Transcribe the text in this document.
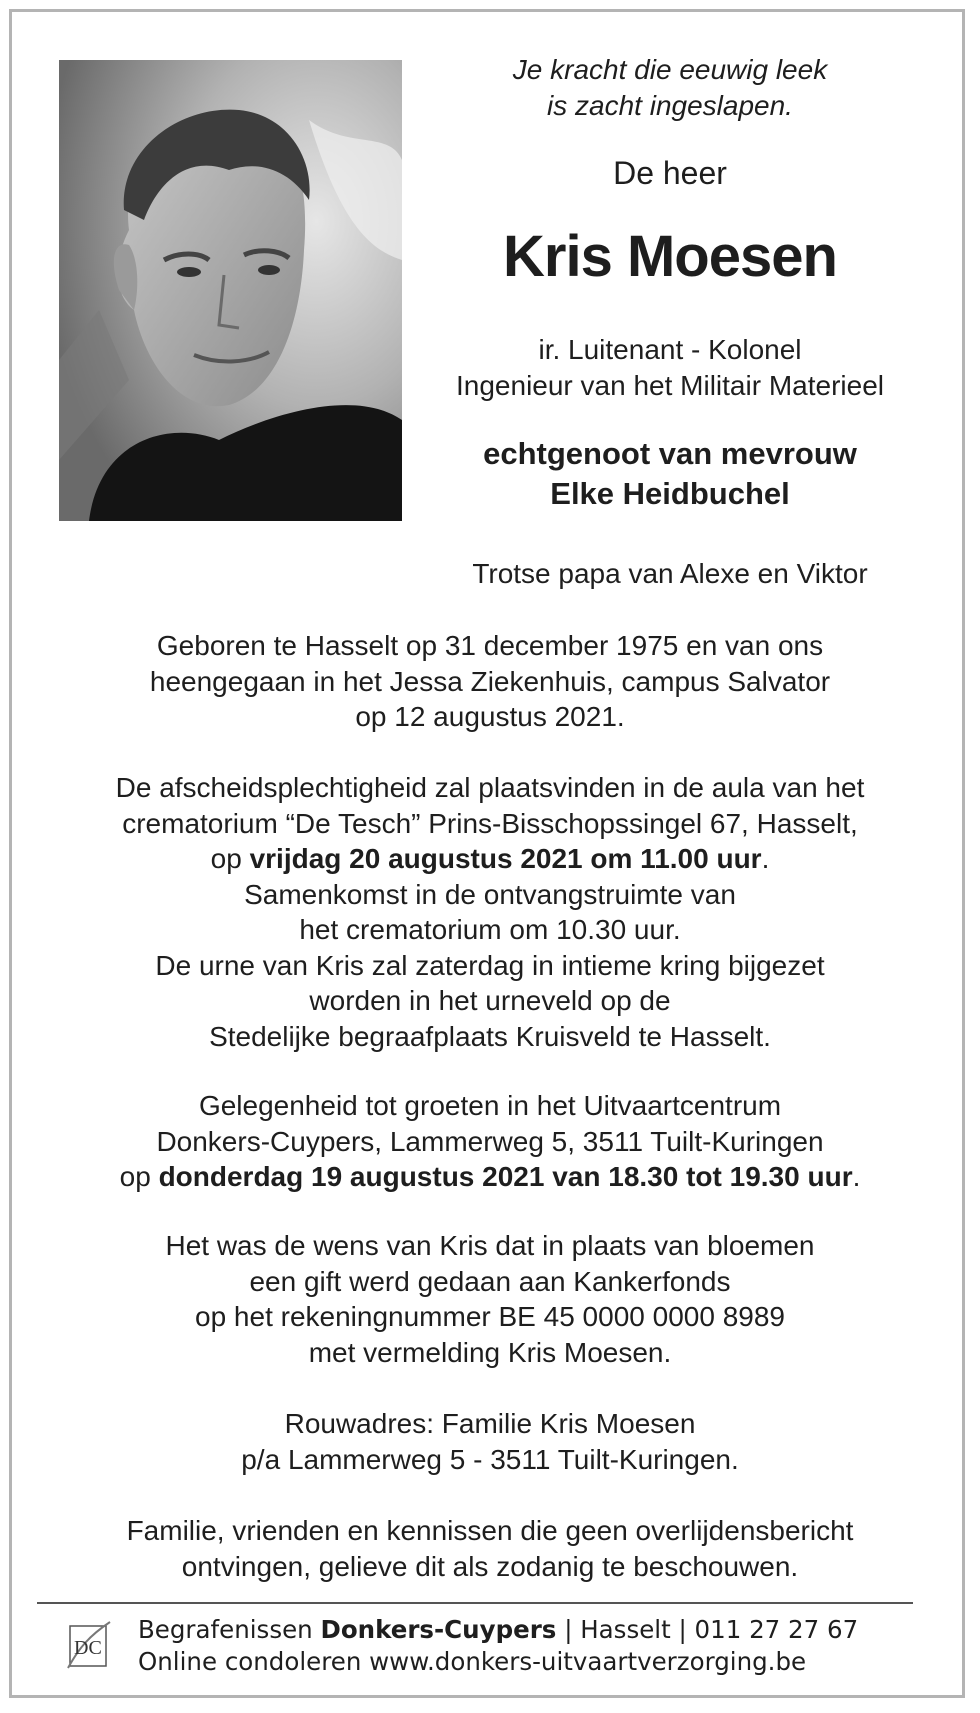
Je kracht die eeuwig leek
is zacht ingeslapen.
De heer
Kris Moesen
ir. Luitenant - Kolonel
Ingenieur van het Militair Materieel
echtgenoot van mevrouw
Elke Heidbuchel
Trotse papa van Alexe en Viktor
Geboren te Hasselt op 31 december 1975 en van ons
heengegaan in het Jessa Ziekenhuis, campus Salvator
op 12 augustus 2021.
De afscheidsplechtigheid zal plaatsvinden in de aula van het
crematorium “De Tesch” Prins-Bisschopssingel 67, Hasselt,
op vrijdag 20 augustus 2021 om 11.00 uur.
Samenkomst in de ontvangstruimte van
het crematorium om 10.30 uur.
De urne van Kris zal zaterdag in intieme kring bijgezet
worden in het urneveld op de
Stedelijke begraafplaats Kruisveld te Hasselt.
Gelegenheid tot groeten in het Uitvaartcentrum
Donkers-Cuypers, Lammerweg 5, 3511 Tuilt-Kuringen
op donderdag 19 augustus 2021 van 18.30 tot 19.30 uur.
Het was de wens van Kris dat in plaats van bloemen
een gift werd gedaan aan Kankerfonds
op het rekeningnummer BE 45 0000 0000 8989
met vermelding Kris Moesen.
Rouwadres: Familie Kris Moesen
p/a Lammerweg 5 - 3511 Tuilt-Kuringen.
Familie, vrienden en kennissen die geen overlijdensbericht
ontvingen, gelieve dit als zodanig te beschouwen.
DC
Begrafenissen Donkers-Cuypers | Hasselt | 011 27 27 67
Online condoleren www.donkers-uitvaartverzorging.be
